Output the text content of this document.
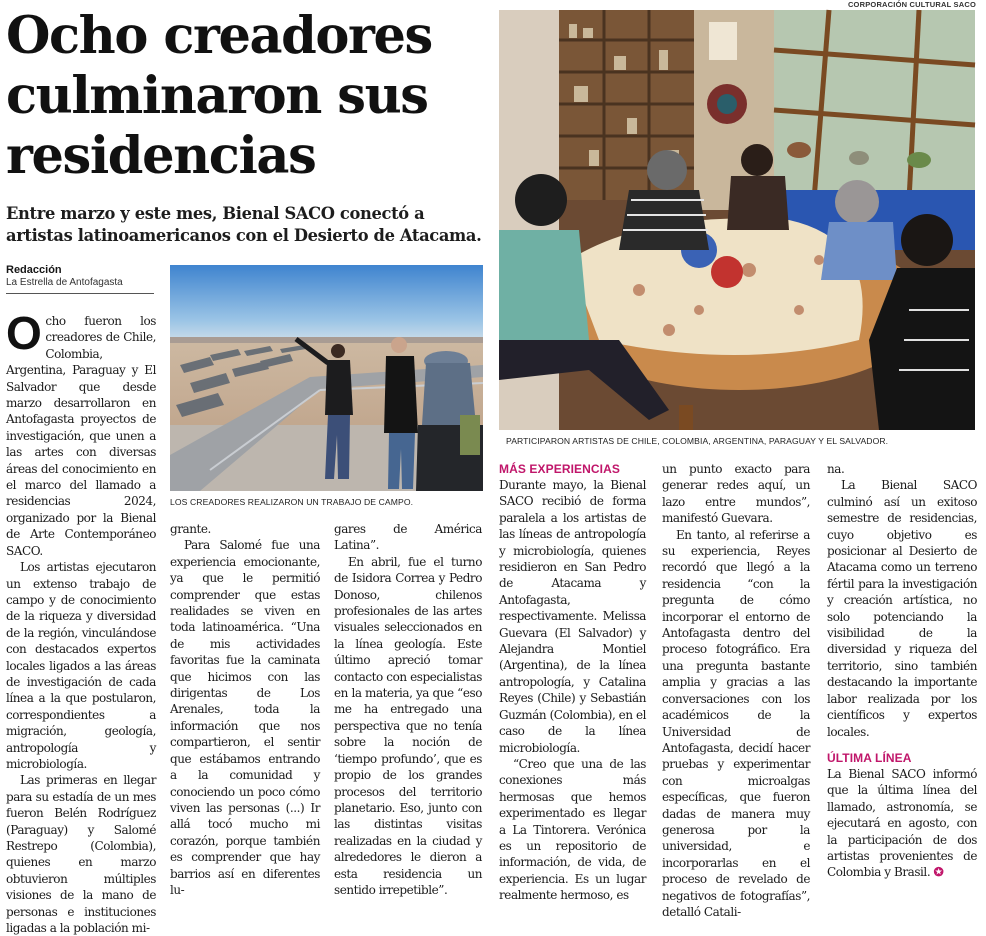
CORPORACIÓN CULTURAL SACO
Ocho creadores culminaron sus residencias

Entre marzo y este mes, Bienal SACO conectó a artistas latinoamericanos con el Desierto de Atacama.

Redacción
La Estrella de Antofagasta
LOS CREADORES REALIZARON UN TRABAJO DE CAMPO.
PARTICIPARON ARTISTAS DE CHILE, COLOMBIA, ARGENTINA, PARAGUAY Y EL SALVADOR.

Ocho fueron los creadores de Chile, Colombia, Argentina, Paraguay y El Salvador que desde marzo desarrollaron en Antofagasta proyectos de investigación, que unen a las artes con diversas áreas del conocimiento en el marco del llamado a residencias 2024, organizado por la Bienal de Arte Contemporáneo SACO.

Los artistas ejecutaron un extenso trabajo de campo y de conocimiento de la riqueza y diversidad de la región, vinculándose con destacados expertos locales ligados a las áreas de investigación de cada línea a la que postularon, correspondientes a migración, geología, antropología y microbiología.

Las primeras en llegar para su estadía de un mes fueron Belén Rodríguez (Paraguay) y Salomé Restrepo (Colombia), quienes en marzo obtuvieron múltiples visiones de la mano de personas e instituciones ligadas a la población mi-

grante.

Para Salomé fue una experiencia emocionante, ya que le permitió comprender que estas realidades se viven en toda latinoamérica. “Una de mis actividades favoritas fue la caminata que hicimos con las dirigentas de Los Arenales, toda la información que nos compartieron, el sentir que estábamos entrando a la comunidad y conociendo un poco cómo viven las personas (...) Ir allá tocó mucho mi corazón, porque también es comprender que hay barrios así en diferentes lu-

gares de América Latina”.

En abril, fue el turno de Isidora Correa y Pedro Donoso, chilenos profesionales de las artes visuales seleccionados en la línea geología. Este último apreció tomar contacto con especialistas en la materia, ya que “eso me ha entregado una perspectiva que no tenía sobre la noción de ‘tiempo profundo’, que es propio de los grandes procesos del territorio planetario. Eso, junto con las distintas visitas realizadas en la ciudad y alrededores le dieron a esta residencia un sentido irrepetible”.

MÁS EXPERIENCIAS

Durante mayo, la Bienal SACO recibió de forma paralela a los artistas de las líneas de antropología y microbiología, quienes residieron en San Pedro de Atacama y Antofagasta, respectivamente. Melissa Guevara (El Salvador) y Alejandra Montiel (Argentina), de la línea antropología, y Catalina Reyes (Chile) y Sebastián Guzmán (Colombia), en el caso de la línea microbiología.

“Creo que una de las conexiones más hermosas que hemos experimentado es llegar a La Tintorera. Verónica es un repositorio de información, de vida, de experiencia. Es un lugar realmente hermoso, es

un punto exacto para generar redes aquí, un lazo entre mundos”, manifestó Guevara.

En tanto, al referirse a su experiencia, Reyes recordó que llegó a la residencia “con la pregunta de cómo incorporar el entorno de Antofagasta dentro del proceso fotográfico. Era una pregunta bastante amplia y gracias a las conversaciones con los académicos de la Universidad de Antofagasta, decidí hacer pruebas y experimentar con microalgas específicas, que fueron dadas de manera muy generosa por la universidad, e incorporarlas en el proceso de revelado de negativos de fotografías”, detalló Catali-

na.

La Bienal SACO culminó así un exitoso semestre de residencias, cuyo objetivo es posicionar al Desierto de Atacama como un terreno fértil para la investigación y creación artística, no solo potenciando la visibilidad de la diversidad y riqueza del territorio, sino también destacando la importante labor realizada por los científicos y expertos locales.

ÚLTIMA LÍNEA

La Bienal SACO informó que la última línea del llamado, astronomía, se ejecutará en agosto, con la participación de dos artistas provenientes de Colombia y Brasil. ✪
